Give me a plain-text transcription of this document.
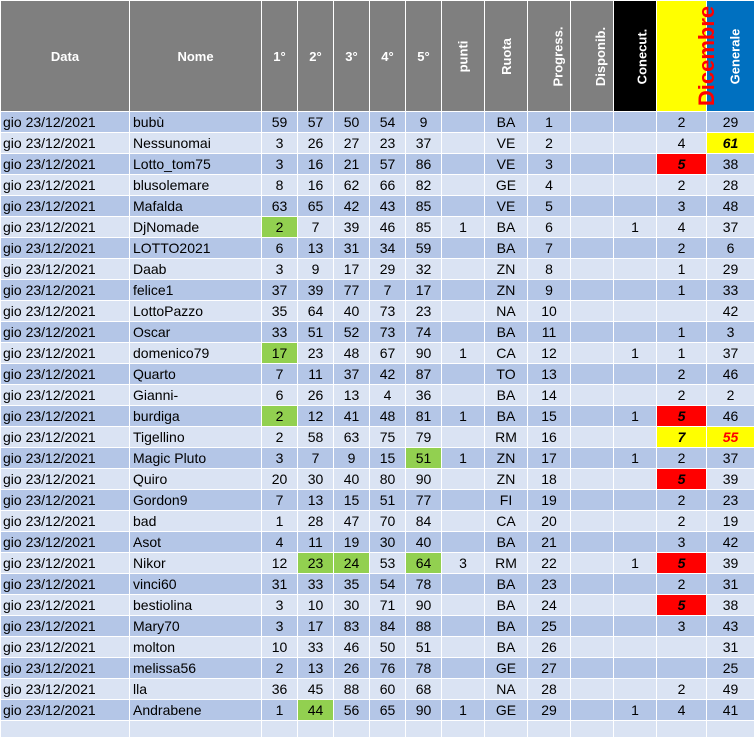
Data	Nome	1°	2°	3°	4°	5°	punti	Ruota	Progress.	Disponib.	Conecut.	Dicembre	Generale
gio 23/12/2021	bubù	59	57	50	54	9		BA	1			2	29
gio 23/12/2021	Nessunomai	3	26	27	23	37		VE	2			4	61
gio 23/12/2021	Lotto_tom75	3	16	21	57	86		VE	3			5	38
gio 23/12/2021	blusolemare	8	16	62	66	82		GE	4			2	28
gio 23/12/2021	Mafalda	63	65	42	43	85		VE	5			3	48
gio 23/12/2021	DjNomade	2	7	39	46	85	1	BA	6		1	4	37
gio 23/12/2021	LOTTO2021	6	13	31	34	59		BA	7			2	6
gio 23/12/2021	Daab	3	9	17	29	32		ZN	8			1	29
gio 23/12/2021	felice1	37	39	77	7	17		ZN	9			1	33
gio 23/12/2021	LottoPazzo	35	64	40	73	23		NA	10				42
gio 23/12/2021	Oscar	33	51	52	73	74		BA	11			1	3
gio 23/12/2021	domenico79	17	23	48	67	90	1	CA	12		1	1	37
gio 23/12/2021	Quarto	7	11	37	42	87		TO	13			2	46
gio 23/12/2021	Gianni-	6	26	13	4	36		BA	14			2	2
gio 23/12/2021	burdiga	2	12	41	48	81	1	BA	15		1	5	46
gio 23/12/2021	Tigellino	2	58	63	75	79		RM	16			7	55
gio 23/12/2021	Magic Pluto	3	7	9	15	51	1	ZN	17		1	2	37
gio 23/12/2021	Quiro	20	30	40	80	90		ZN	18			5	39
gio 23/12/2021	Gordon9	7	13	15	51	77		FI	19			2	23
gio 23/12/2021	bad	1	28	47	70	84		CA	20			2	19
gio 23/12/2021	Asot	4	11	19	30	40		BA	21			3	42
gio 23/12/2021	Nikor	12	23	24	53	64	3	RM	22		1	5	39
gio 23/12/2021	vinci60	31	33	35	54	78		BA	23			2	31
gio 23/12/2021	bestiolina	3	10	30	71	90		BA	24			5	38
gio 23/12/2021	Mary70	3	17	83	84	88		BA	25			3	43
gio 23/12/2021	molton	10	33	46	50	51		BA	26				31
gio 23/12/2021	melissa56	2	13	26	76	78		GE	27				25
gio 23/12/2021	lla	36	45	88	60	68		NA	28			2	49
gio 23/12/2021	Andrabene	1	44	56	65	90	1	GE	29		1	4	41
